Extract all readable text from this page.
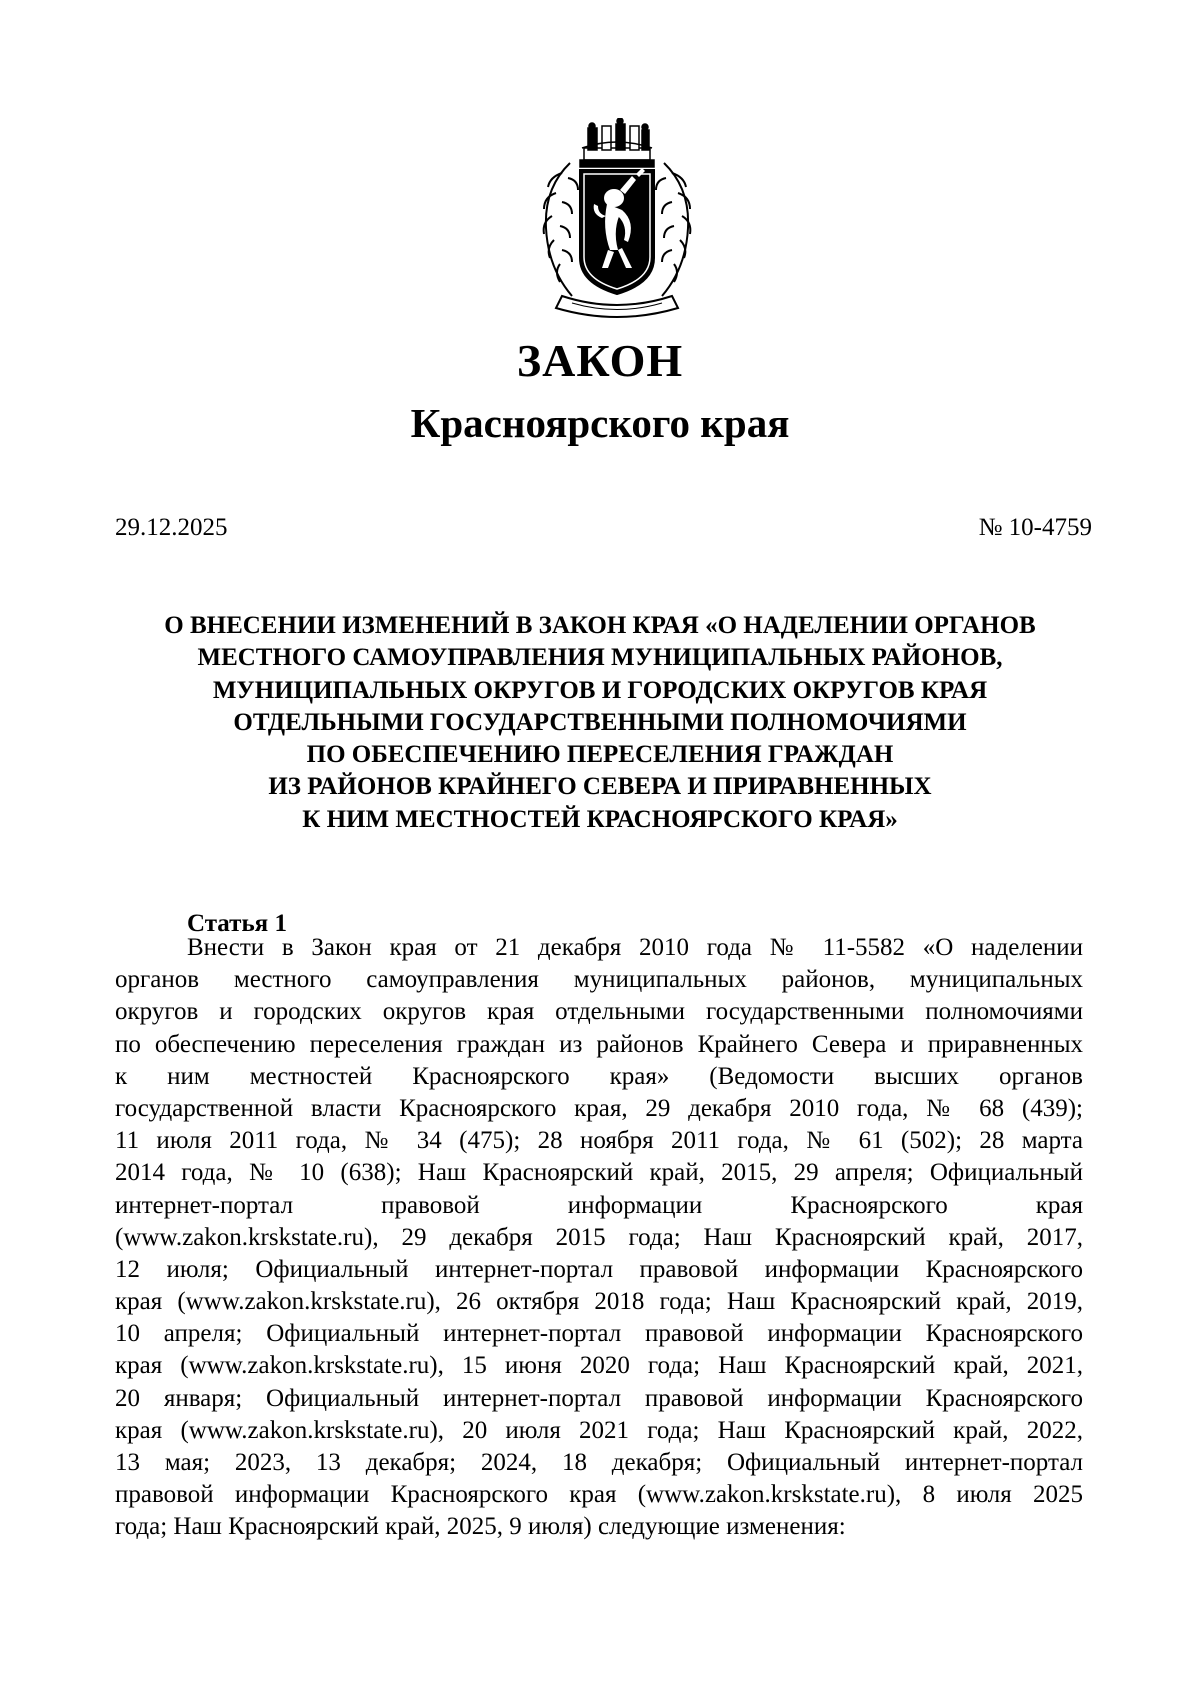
ЗАКОН
Красноярского края
29.12.2025	№ 10-4759
О ВНЕСЕНИИ ИЗМЕНЕНИЙ В ЗАКОН КРАЯ «О НАДЕЛЕНИИ ОРГАНОВ
МЕСТНОГО САМОУПРАВЛЕНИЯ МУНИЦИПАЛЬНЫХ РАЙОНОВ,
МУНИЦИПАЛЬНЫХ ОКРУГОВ И ГОРОДСКИХ ОКРУГОВ КРАЯ
ОТДЕЛЬНЫМИ ГОСУДАРСТВЕННЫМИ ПОЛНОМОЧИЯМИ
ПО ОБЕСПЕЧЕНИЮ ПЕРЕСЕЛЕНИЯ ГРАЖДАН
ИЗ РАЙОНОВ КРАЙНЕГО СЕВЕРА И ПРИРАВНЕННЫХ
К НИМ МЕСТНОСТЕЙ КРАСНОЯРСКОГО КРАЯ»
Статья 1
Внести в Закон края от 21 декабря 2010 года № 11-5582 «О наделении
органов местного самоуправления муниципальных районов, муниципальных
округов и городских округов края отдельными государственными полномочиями
по обеспечению переселения граждан из районов Крайнего Севера и приравненных
к ним местностей Красноярского края» (Ведомости высших органов
государственной власти Красноярского края, 29 декабря 2010 года, № 68 (439);
11 июля 2011 года, № 34 (475); 28 ноября 2011 года, № 61 (502); 28 марта
2014 года, № 10 (638); Наш Красноярский край, 2015, 29 апреля; Официальный
интернет-портал правовой информации Красноярского края
(www.zakon.krskstate.ru), 29 декабря 2015 года; Наш Красноярский край, 2017,
12 июля; Официальный интернет-портал правовой информации Красноярского
края (www.zakon.krskstate.ru), 26 октября 2018 года; Наш Красноярский край, 2019,
10 апреля; Официальный интернет-портал правовой информации Красноярского
края (www.zakon.krskstate.ru), 15 июня 2020 года; Наш Красноярский край, 2021,
20 января; Официальный интернет-портал правовой информации Красноярского
края (www.zakon.krskstate.ru), 20 июля 2021 года; Наш Красноярский край, 2022,
13 мая; 2023, 13 декабря; 2024, 18 декабря; Официальный интернет-портал
правовой информации Красноярского края (www.zakon.krskstate.ru), 8 июля 2025
года; Наш Красноярский край, 2025, 9 июля) следующие изменения:
